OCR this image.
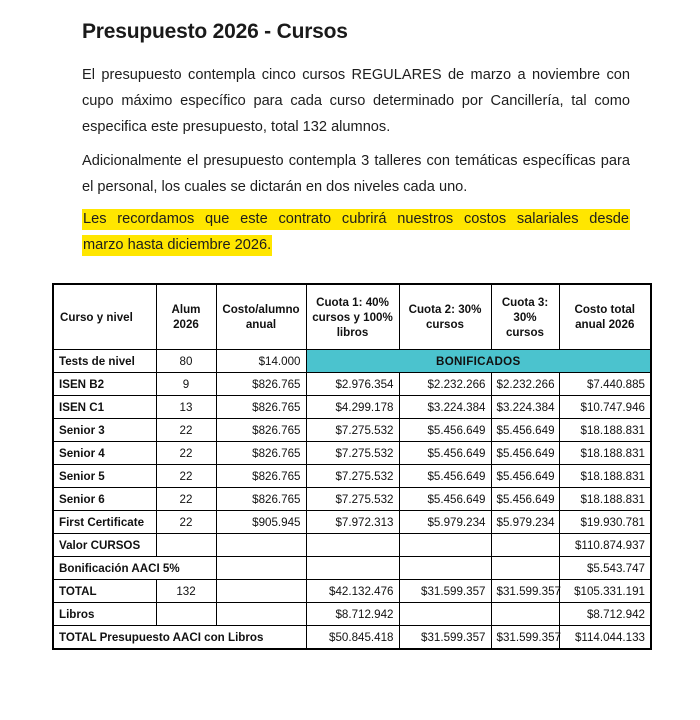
Presupuesto 2026 - Cursos
El presupuesto contempla cinco cursos REGULARES de marzo a noviembre con cupo máximo específico para cada curso determinado por Cancillería, tal como especifica este presupuesto, total 132 alumnos.
Adicionalmente el presupuesto contempla 3 talleres con temáticas específicas para el personal, los cuales se dictarán en dos niveles cada uno.
Les recordamos que este contrato cubrirá nuestros costos salariales desde
marzo hasta diciembre 2026.
Curso y nivel	Alum 2026	Costo/alumno anual	Cuota 1: 40% cursos y 100% libros	Cuota 2: 30% cursos	Cuota 3: 30% cursos	Costo total anual 2026
Tests de nivel	80	$14.000	BONIFICADOS			
ISEN B2	9	$826.765	$2.976.354	$2.232.266	$2.232.266	$7.440.885
ISEN C1	13	$826.765	$4.299.178	$3.224.384	$3.224.384	$10.747.946
Senior 3	22	$826.765	$7.275.532	$5.456.649	$5.456.649	$18.188.831
Senior 4	22	$826.765	$7.275.532	$5.456.649	$5.456.649	$18.188.831
Senior 5	22	$826.765	$7.275.532	$5.456.649	$5.456.649	$18.188.831
Senior 6	22	$826.765	$7.275.532	$5.456.649	$5.456.649	$18.188.831
First Certificate	22	$905.945	$7.972.313	$5.979.234	$5.979.234	$19.930.781
Valor CURSOS						$110.874.937
Bonificación AACI 5%						$5.543.747
TOTAL	132		$42.132.476	$31.599.357	$31.599.357	$105.331.191
Libros			$8.712.942			$8.712.942
TOTAL Presupuesto AACI con Libros			$50.845.418	$31.599.357	$31.599.357	$114.044.133
